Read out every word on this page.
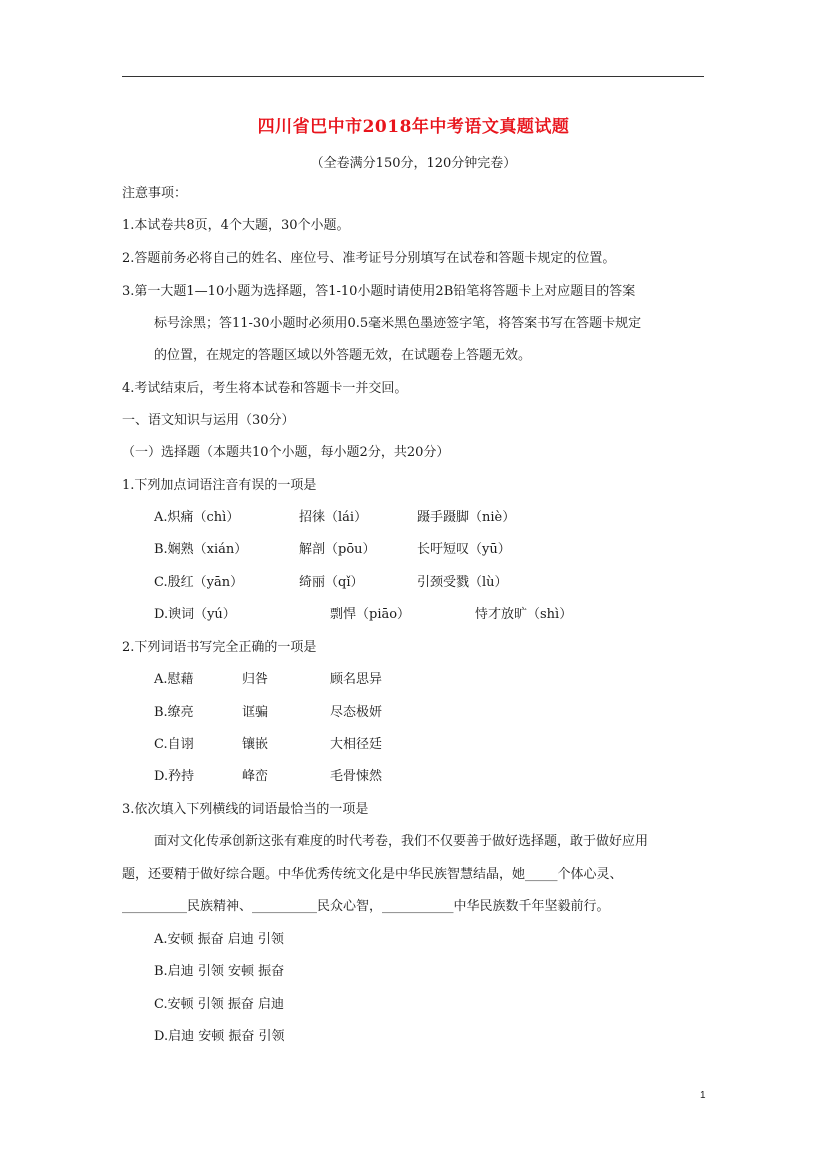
四川省巴中市2018年中考语文真题试题
（全卷满分150分，120分钟完卷）
注意事项：
1.本试卷共8页，4个大题，30个小题。
2.答题前务必将自己的姓名、座位号、准考证号分别填写在试卷和答题卡规定的位置。
3.第一大题1—10小题为选择题，答1-10小题时请使用2B铅笔将答题卡上对应题目的答案
标号涂黑；答11-30小题时必须用0.5毫米黑色墨迹签字笔，将答案书写在答题卡规定
的位置，在规定的答题区域以外答题无效，在试题卷上答题无效。
4.考试结束后，考生将本试卷和答题卡一并交回。
一、语文知识与运用（30分）
（一）选择题（本题共10个小题，每小题2分，共20分）
1.下列加点词语注音有误的一项是
A.炽痛（chì）	招徕（lái）	蹑手蹑脚（niè）
B.娴熟（xián）	解剖（pōu）	长吁短叹（yū）
C.殷红（yān）	绮丽（qǐ）	引颈受戮（lù）
D.谀词（yú）	剽悍（piāo）	恃才放旷（shì）
2.下列词语书写完全正确的一项是
A.慰藉	归咎	顾名思异
B.缭亮	诓骗	尽态极妍
C.自诩	镶嵌	大相径廷
D.矜持	峰峦	毛骨悚然
3.依次填入下列横线的词语最恰当的一项是
面对文化传承创新这张有难度的时代考卷，我们不仅要善于做好选择题，敢于做好应用
题，还要精于做好综合题。中华优秀传统文化是中华民族智慧结晶，她_____个体心灵、
__________民族精神、__________民众心智，___________中华民族数千年坚毅前行。
A.安顿 振奋 启迪 引领
B.启迪 引领 安顿 振奋
C.安顿 引领 振奋 启迪
D.启迪 安顿 振奋 引领
1
